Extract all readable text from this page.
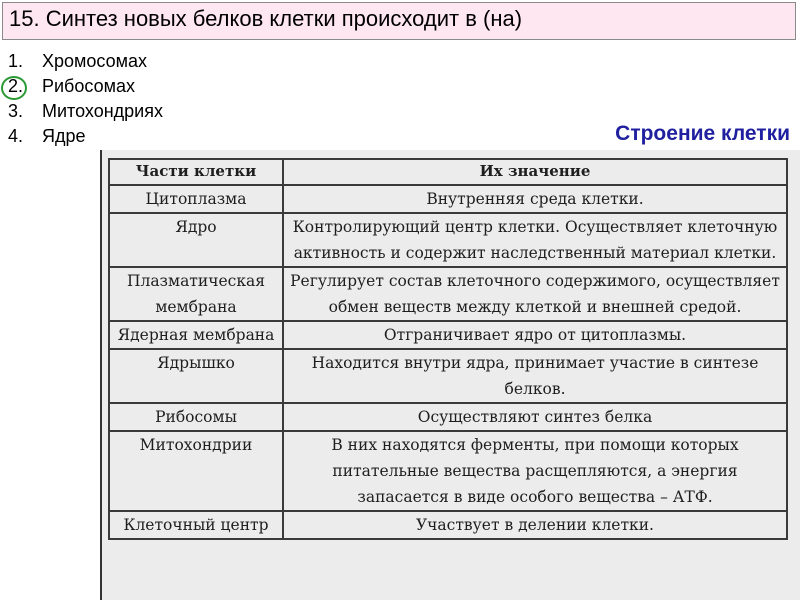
15. Синтез новых белков клетки происходит в (на)
1. Хромосомах
2. Рибосомах
3. Митохондриях
4. Ядре	Строение клетки
Части клетки	Их значение
Цитоплазма	Внутренняя среда клетки.
Ядро	Контролирующий центр клетки. Осуществляет клеточную активность и содержит наследственный материал клетки.
Плазматическая мембрана	Регулирует состав клеточного содержимого, осуществляет обмен веществ между клеткой и внешней средой.
Ядерная мембрана	Отграничивает ядро от цитоплазмы.
Ядрышко	Находится внутри ядра, принимает участие в синтезе белков.
Рибосомы	Осуществляют синтез белка
Митохондрии	В них находятся ферменты, при помощи которых питательные вещества расщепляются, а энергия запасается в виде особого вещества – АТФ.
Клеточный центр	Участвует в делении клетки.
